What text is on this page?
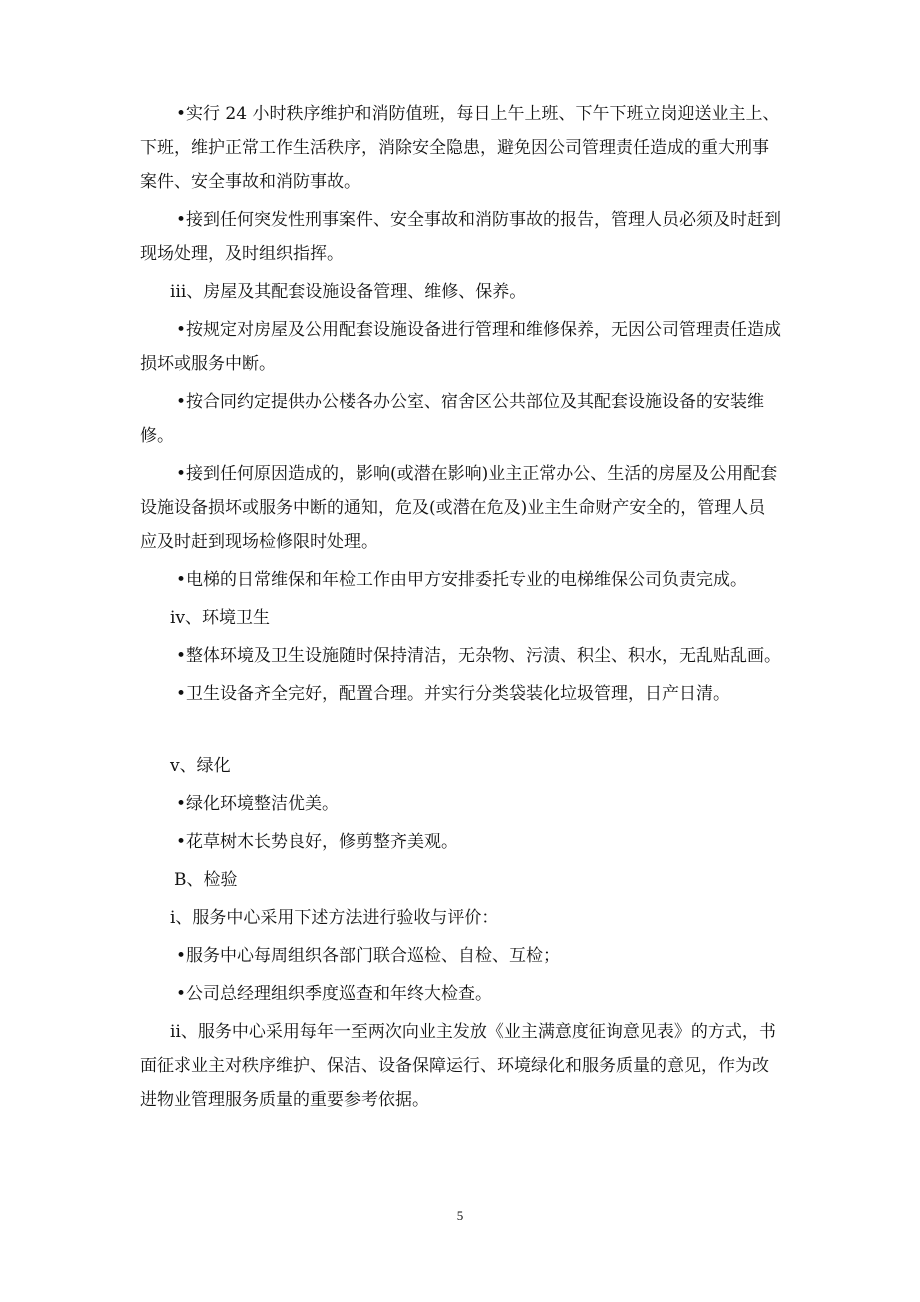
•实行 24 小时秩序维护和消防值班，每日上午上班、下午下班立岗迎送业主上、下班，维护正常工作生活秩序，消除安全隐患，避免因公司管理责任造成的重大刑事案件、安全事故和消防事故。

•接到任何突发性刑事案件、安全事故和消防事故的报告，管理人员必须及时赶到现场处理，及时组织指挥。

ⅲ、房屋及其配套设施设备管理、维修、保养。

•按规定对房屋及公用配套设施设备进行管理和维修保养，无因公司管理责任造成损坏或服务中断。

•按合同约定提供办公楼各办公室、宿舍区公共部位及其配套设施设备的安装维修。

•接到任何原因造成的，影响(或潜在影响)业主正常办公、生活的房屋及公用配套设施设备损坏或服务中断的通知，危及(或潜在危及)业主生命财产安全的，管理人员应及时赶到现场检修限时处理。

•电梯的日常维保和年检工作由甲方安排委托专业的电梯维保公司负责完成。

ⅳ、环境卫生

•整体环境及卫生设施随时保持清洁，无杂物、污渍、积尘、积水，无乱贴乱画。

•卫生设备齐全完好，配置合理。并实行分类袋装化垃圾管理，日产日清。

ⅴ、绿化

•绿化环境整洁优美。

•花草树木长势良好，修剪整齐美观。

B、检验

ⅰ、服务中心采用下述方法进行验收与评价：

•服务中心每周组织各部门联合巡检、自检、互检；

•公司总经理组织季度巡查和年终大检查。

ⅱ、服务中心采用每年一至两次向业主发放《业主满意度征询意见表》的方式，书面征求业主对秩序维护、保洁、设备保障运行、环境绿化和服务质量的意见，作为改进物业管理服务质量的重要参考依据。

5
